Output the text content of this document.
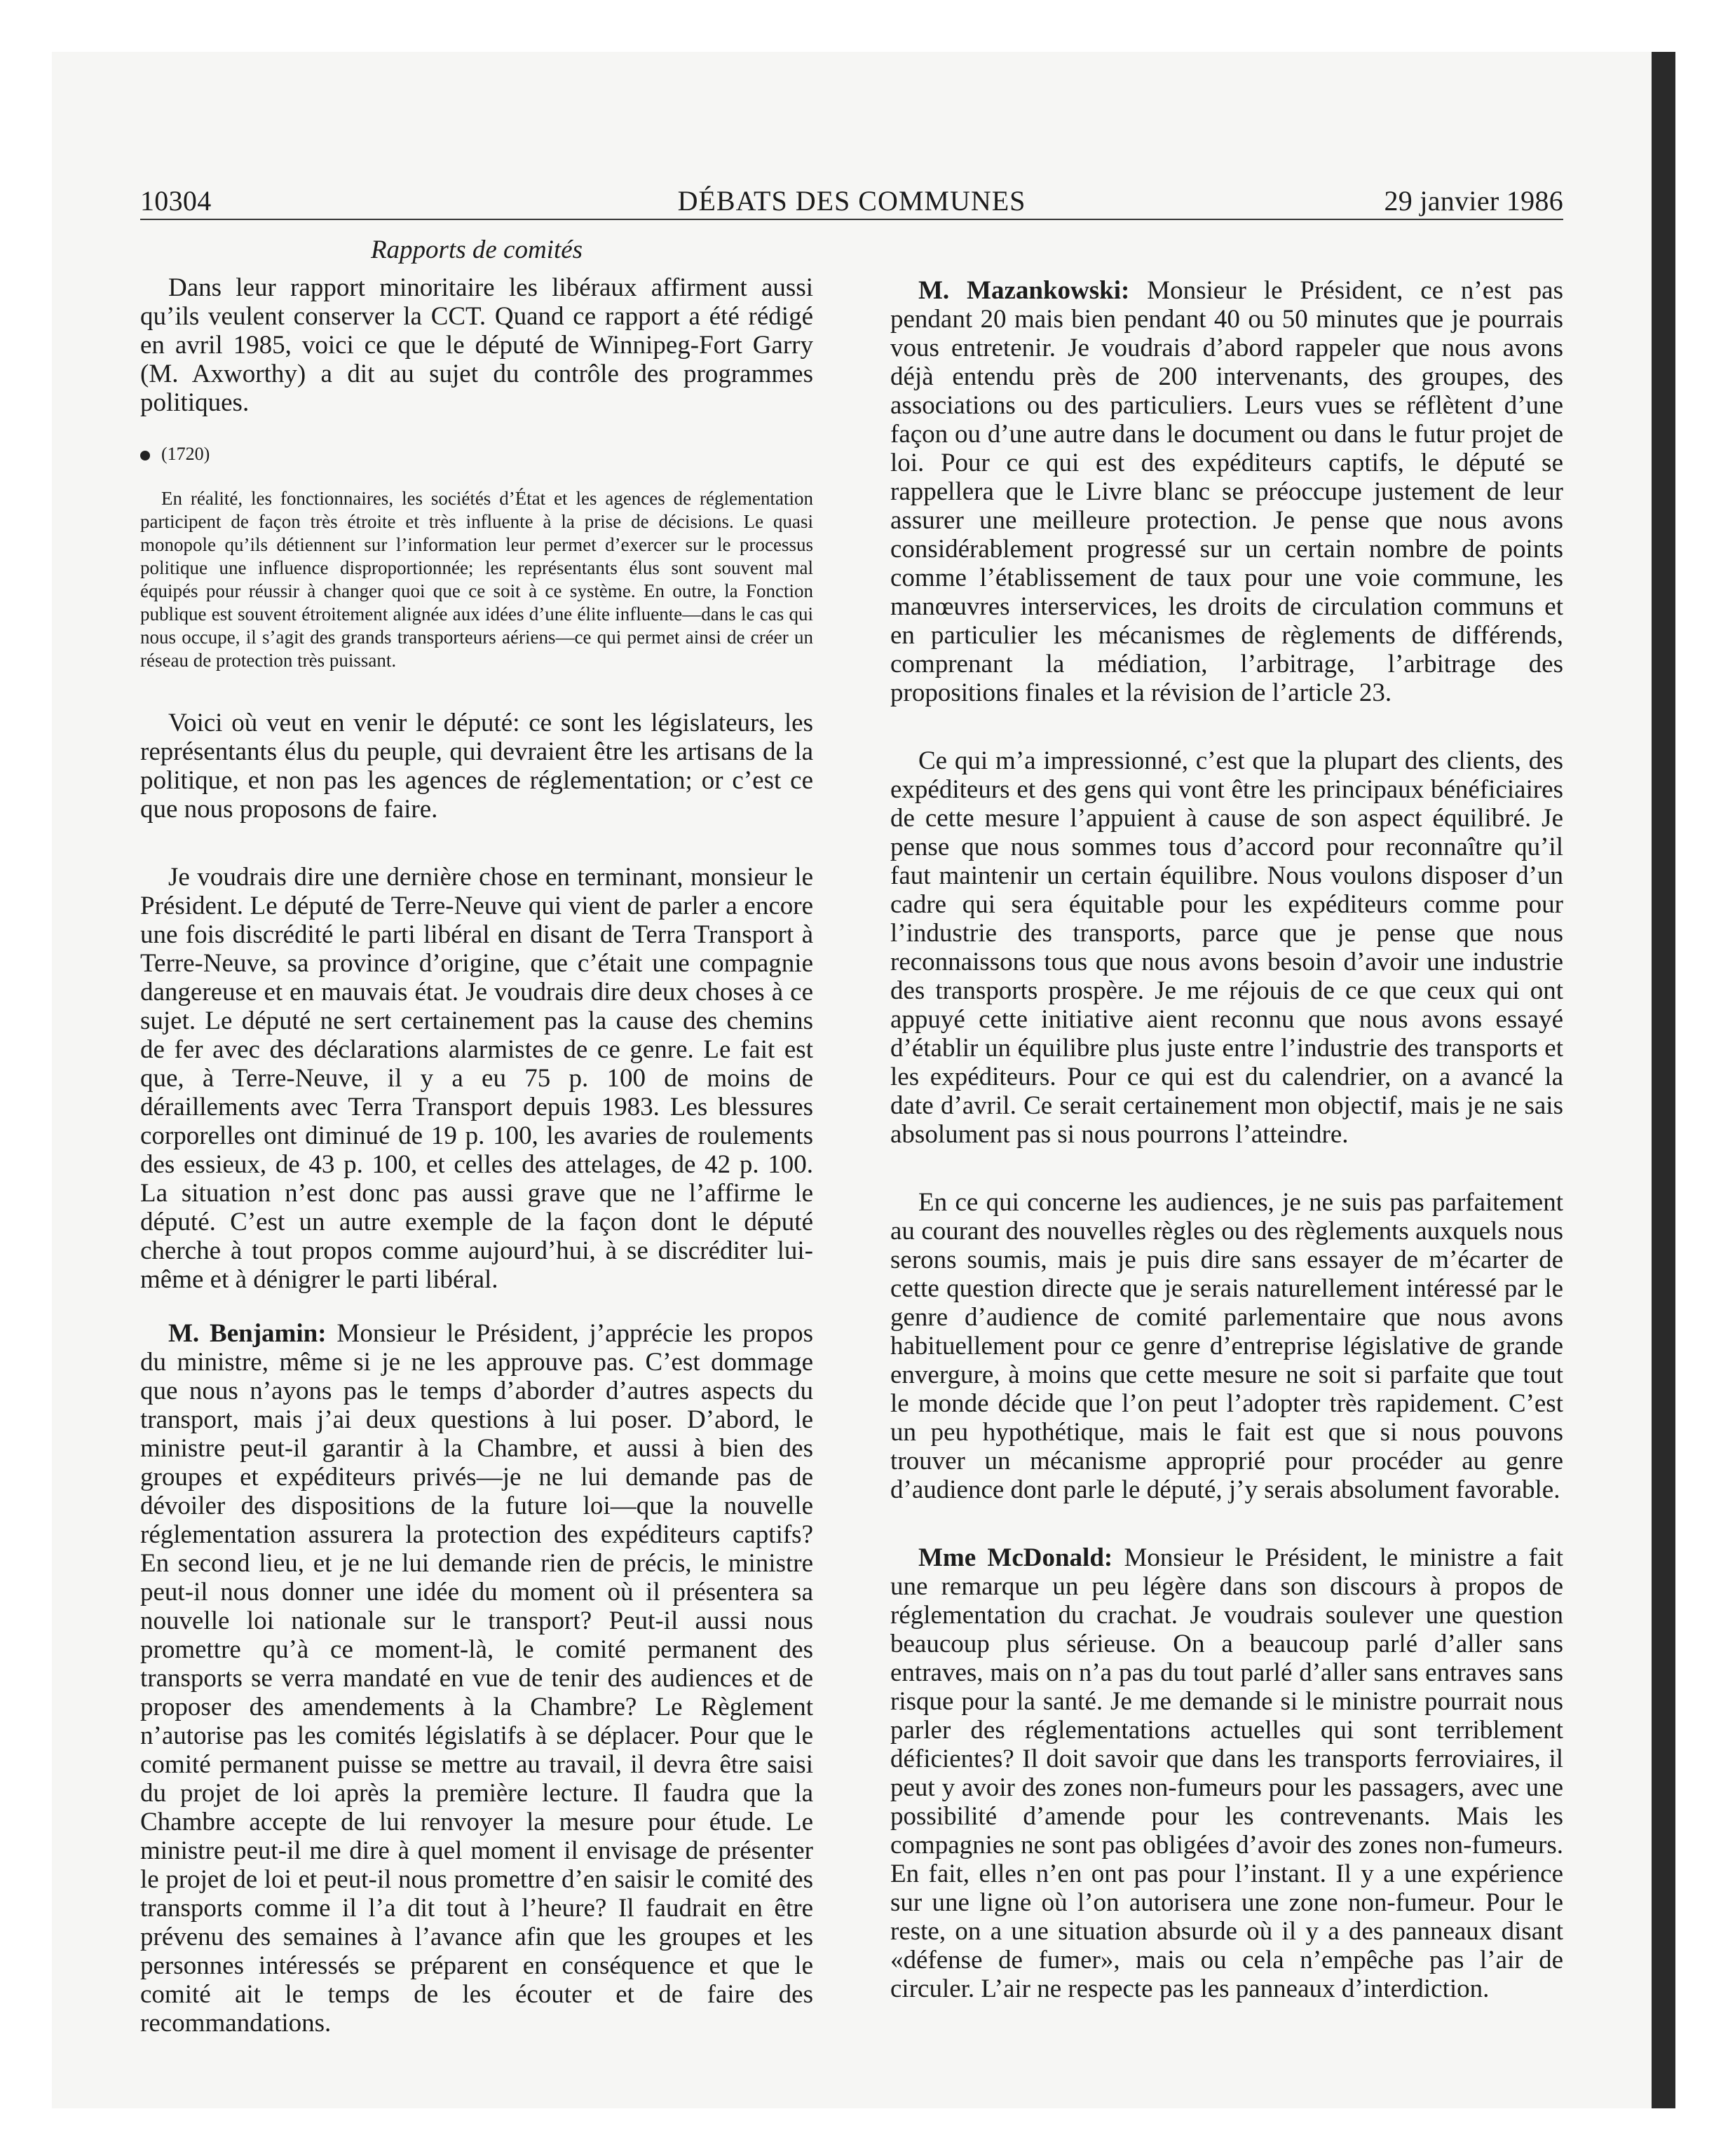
10304	DÉBATS DES COMMUNES	29 janvier 1986
Rapports de comités

Dans leur rapport minoritaire les libéraux affirment aussi qu’ils veulent conserver la CCT. Quand ce rapport a été rédigé en avril 1985, voici ce que le député de Winnipeg-Fort Garry (M. Axworthy) a dit au sujet du contrôle des programmes politiques.

(1720)

En réalité, les fonctionnaires, les sociétés d’État et les agences de réglementation participent de façon très étroite et très influente à la prise de décisions. Le quasi monopole qu’ils détiennent sur l’information leur permet d’exercer sur le processus politique une influence disproportionnée; les représentants élus sont souvent mal équipés pour réussir à changer quoi que ce soit à ce système. En outre, la Fonction publique est souvent étroitement alignée aux idées d’une élite influente—dans le cas qui nous occupe, il s’agit des grands transporteurs aériens—ce qui permet ainsi de créer un réseau de protection très puissant.

Voici où veut en venir le député: ce sont les législateurs, les représentants élus du peuple, qui devraient être les artisans de la politique, et non pas les agences de réglementation; or c’est ce que nous proposons de faire.

Je voudrais dire une dernière chose en terminant, monsieur le Président. Le député de Terre-Neuve qui vient de parler a encore une fois discrédité le parti libéral en disant de Terra Transport à Terre-Neuve, sa province d’origine, que c’était une compagnie dangereuse et en mauvais état. Je voudrais dire deux choses à ce sujet. Le député ne sert certainement pas la cause des chemins de fer avec des déclarations alarmistes de ce genre. Le fait est que, à Terre-Neuve, il y a eu 75 p. 100 de moins de déraillements avec Terra Transport depuis 1983. Les blessures corporelles ont diminué de 19 p. 100, les avaries de roulements des essieux, de 43 p. 100, et celles des attelages, de 42 p. 100. La situation n’est donc pas aussi grave que ne l’affirme le député. C’est un autre exemple de la façon dont le député cherche à tout propos comme aujourd’hui, à se discréditer lui-même et à dénigrer le parti libéral.

M. Benjamin: Monsieur le Président, j’apprécie les propos du ministre, même si je ne les approuve pas. C’est dommage que nous n’ayons pas le temps d’aborder d’autres aspects du transport, mais j’ai deux questions à lui poser. D’abord, le ministre peut-il garantir à la Chambre, et aussi à bien des groupes et expéditeurs privés—je ne lui demande pas de dévoiler des dispositions de la future loi—que la nouvelle réglementation assurera la protection des expéditeurs captifs? En second lieu, et je ne lui demande rien de précis, le ministre peut-il nous donner une idée du moment où il présentera sa nouvelle loi nationale sur le transport? Peut-il aussi nous promettre qu’à ce moment-là, le comité permanent des transports se verra mandaté en vue de tenir des audiences et de proposer des amendements à la Chambre? Le Règlement n’autorise pas les comités législatifs à se déplacer. Pour que le comité permanent puisse se mettre au travail, il devra être saisi du projet de loi après la première lecture. Il faudra que la Chambre accepte de lui renvoyer la mesure pour étude. Le ministre peut-il me dire à quel moment il envisage de présenter le projet de loi et peut-il nous promettre d’en saisir le comité des transports comme il l’a dit tout à l’heure? Il faudrait en être prévenu des semaines à l’avance afin que les groupes et les personnes intéressés se préparent en conséquence et que le comité ait le temps de les écouter et de faire des recommandations.

M. Mazankowski: Monsieur le Président, ce n’est pas pendant 20 mais bien pendant 40 ou 50 minutes que je pourrais vous entretenir. Je voudrais d’abord rappeler que nous avons déjà entendu près de 200 intervenants, des groupes, des associations ou des particuliers. Leurs vues se réflètent d’une façon ou d’une autre dans le document ou dans le futur projet de loi. Pour ce qui est des expéditeurs captifs, le député se rappellera que le Livre blanc se préoccupe justement de leur assurer une meilleure protection. Je pense que nous avons considérablement progressé sur un certain nombre de points comme l’établissement de taux pour une voie commune, les manœuvres interservices, les droits de circulation communs et en particulier les mécanismes de règlements de différends, comprenant la médiation, l’arbitrage, l’arbitrage des propositions finales et la révision de l’article 23.

Ce qui m’a impressionné, c’est que la plupart des clients, des expéditeurs et des gens qui vont être les principaux bénéficiaires de cette mesure l’appuient à cause de son aspect équilibré. Je pense que nous sommes tous d’accord pour reconnaître qu’il faut maintenir un certain équilibre. Nous voulons disposer d’un cadre qui sera équitable pour les expéditeurs comme pour l’industrie des transports, parce que je pense que nous reconnaissons tous que nous avons besoin d’avoir une industrie des transports prospère. Je me réjouis de ce que ceux qui ont appuyé cette initiative aient reconnu que nous avons essayé d’établir un équilibre plus juste entre l’industrie des transports et les expéditeurs. Pour ce qui est du calendrier, on a avancé la date d’avril. Ce serait certainement mon objectif, mais je ne sais absolument pas si nous pourrons l’atteindre.

En ce qui concerne les audiences, je ne suis pas parfaitement au courant des nouvelles règles ou des règlements auxquels nous serons soumis, mais je puis dire sans essayer de m’écarter de cette question directe que je serais naturellement intéressé par le genre d’audience de comité parlementaire que nous avons habituellement pour ce genre d’entreprise législative de grande envergure, à moins que cette mesure ne soit si parfaite que tout le monde décide que l’on peut l’adopter très rapidement. C’est un peu hypothétique, mais le fait est que si nous pouvons trouver un mécanisme approprié pour procéder au genre d’audience dont parle le député, j’y serais absolument favorable.

Mme McDonald: Monsieur le Président, le ministre a fait une remarque un peu légère dans son discours à propos de réglementation du crachat. Je voudrais soulever une question beaucoup plus sérieuse. On a beaucoup parlé d’aller sans entraves, mais on n’a pas du tout parlé d’aller sans entraves sans risque pour la santé. Je me demande si le ministre pourrait nous parler des réglementations actuelles qui sont terriblement déficientes? Il doit savoir que dans les transports ferroviaires, il peut y avoir des zones non-fumeurs pour les passagers, avec une possibilité d’amende pour les contrevenants. Mais les compagnies ne sont pas obligées d’avoir des zones non-fumeurs. En fait, elles n’en ont pas pour l’instant. Il y a une expérience sur une ligne où l’on autorisera une zone non-fumeur. Pour le reste, on a une situation absurde où il y a des panneaux disant «défense de fumer», mais ou cela n’empêche pas l’air de circuler. L’air ne respecte pas les panneaux d’interdiction.
